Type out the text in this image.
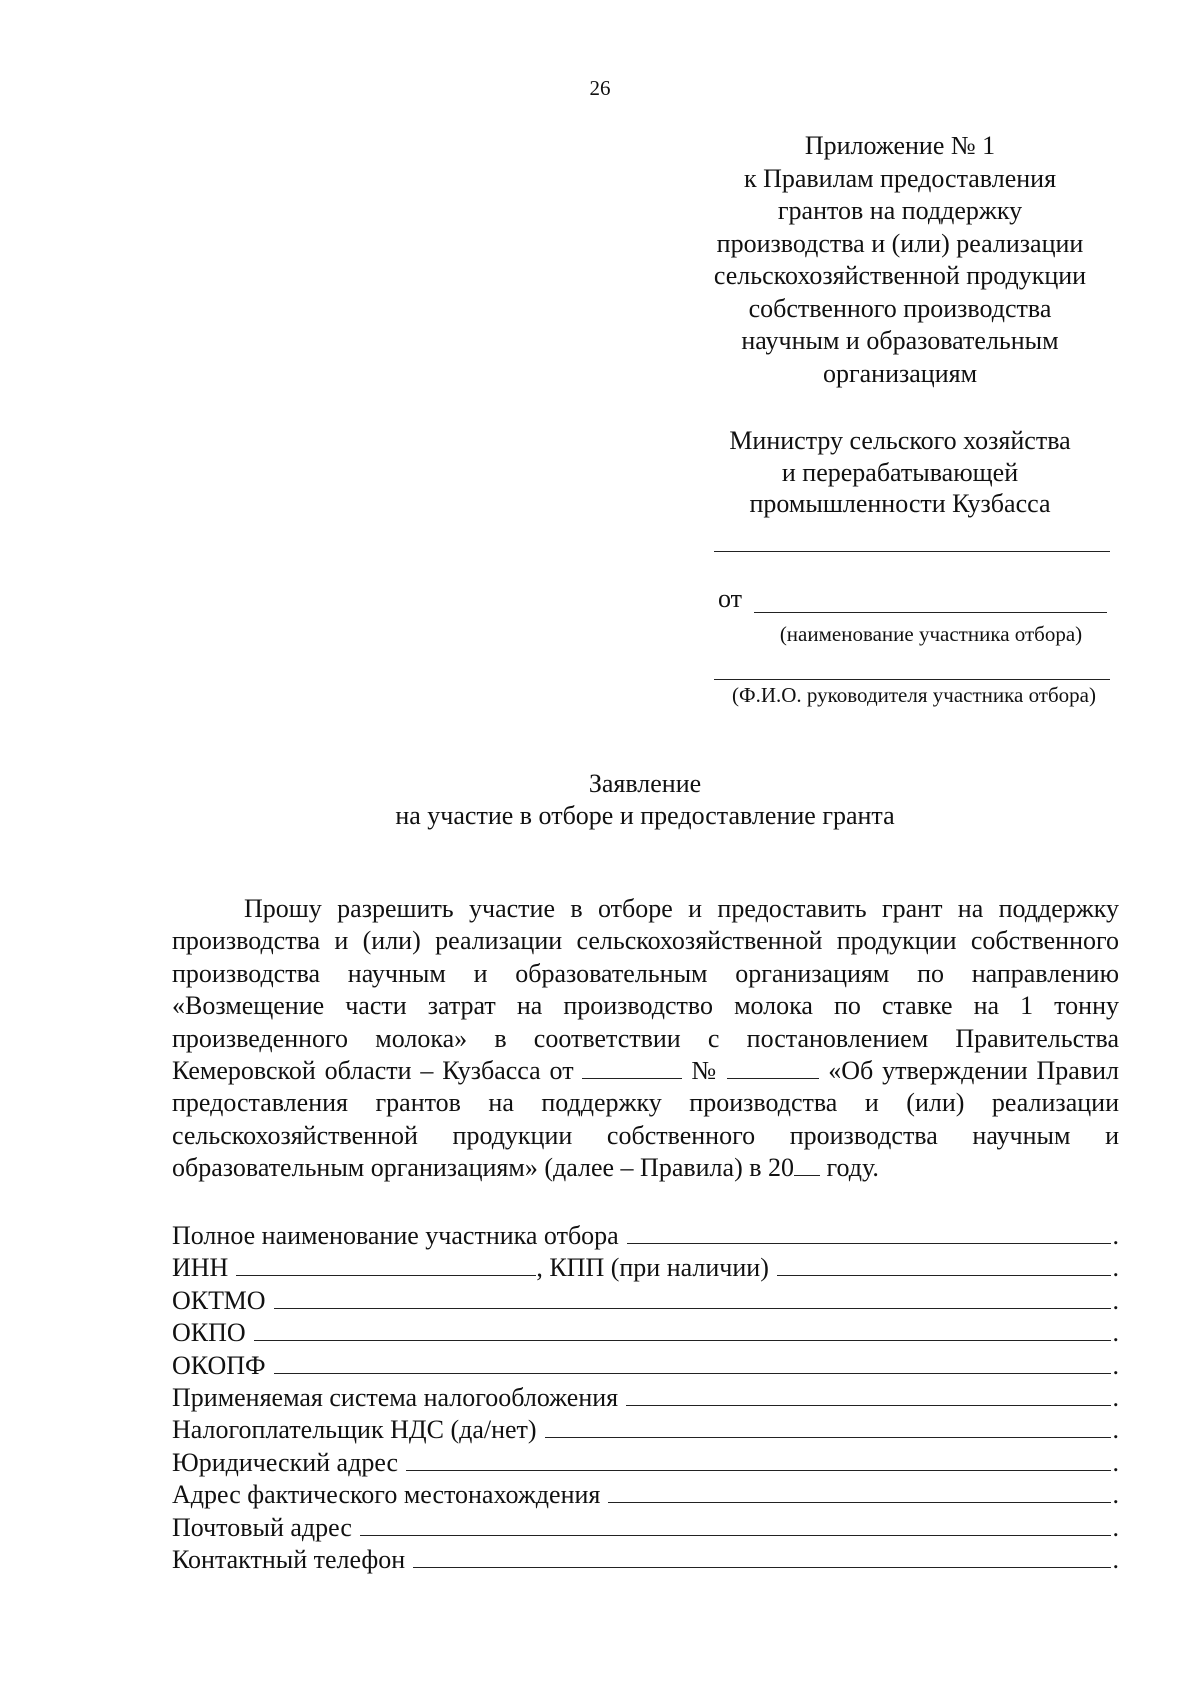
26
Приложение № 1
к Правилам предоставления
грантов на поддержку
производства и (или) реализации
сельскохозяйственной продукции
собственного производства
научным и образовательным
организациям
Министру сельского хозяйства
и перерабатывающей
промышленности Кузбасса
от
(наименование участника отбора)
(Ф.И.О. руководителя участника отбора)
Заявление
на участие в отборе и предоставление гранта
Прошу разрешить участие в отборе и предоставить грант на поддержку производства и (или) реализации сельскохозяйственной продукции собственного производства научным и образовательным организациям по направлению «Возмещение части затрат на производство молока по ставке на 1 тонну произведенного молока» в соответствии с постановлением Правительства Кемеровской области – Кузбасса от	№	«Об утверждении Правил предоставления грантов на поддержку производства и (или) реализации сельскохозяйственной продукции собственного производства научным и образовательным организациям» (далее – Правила) в 20 году.
Полное наименование участника отбора	.
ИНН	, КПП (при наличии)	.
ОКТМО	.
ОКПО	.
ОКОПФ	.
Применяемая система налогообложения	.
Налогоплательщик НДС (да/нет)	.
Юридический адрес	.
Адрес фактического местонахождения	.
Почтовый адрес	.
Контактный телефон	.
